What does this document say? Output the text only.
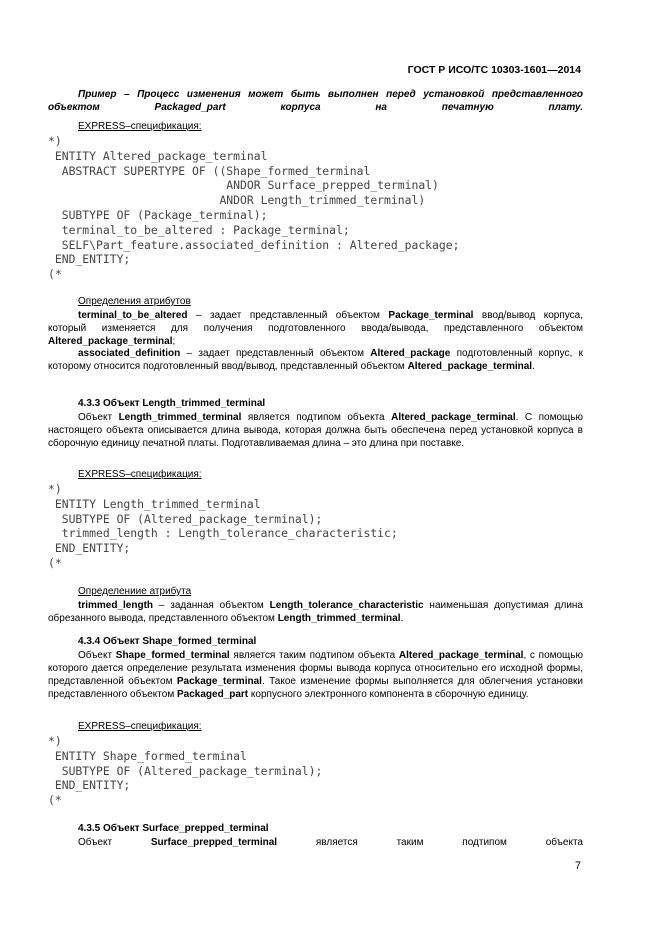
ГОСТ Р ИСО/ТС 10303-1601—2014
Пример – Процесс изменения может быть выполнен перед установкой представленного объектом Packaged_part корпуса на печатную плату.
EXPRESS–спецификация:
*)
ENTITY Altered_package_terminal
ABSTRACT SUPERTYPE OF ((Shape_formed_terminal
ANDOR Surface_prepped_terminal)
ANDOR Length_trimmed_terminal)
SUBTYPE OF (Package_terminal);
terminal_to_be_altered : Package_terminal;
SELF\Part_feature.associated_definition : Altered_package;
END_ENTITY;
(*
Определения атрибутов
terminal_to_be_altered – задает представленный объектом Package_terminal ввод/вывод корпуса, который изменяется для получения подготовленного ввода/вывода, представленного объектом Altered_package_terminal;
associated_definition – задает представленный объектом Altered_package подготовленный корпус, к которому относится подготовленный ввод/вывод, представленный объектом Altered_package_terminal.
4.3.3 Объект Length_trimmed_terminal
Объект Length_trimmed_terminal является подтипом объекта Altered_package_terminal. С помощью настоящего объекта описывается длина вывода, которая должна быть обеспечена перед установкой корпуса в сборочную единицу печатной платы. Подготавливаемая длина – это длина при поставке.
EXPRESS–спецификация:
*)
ENTITY Length_trimmed_terminal
SUBTYPE OF (Altered_package_terminal);
trimmed_length : Length_tolerance_characteristic;
END_ENTITY;
(*
Определениие атрибута
trimmed_length – заданная объектом Length_tolerance_characteristic наименьшая допустимая длина обрезанного вывода, представленного объектом Length_trimmed_terminal.
4.3.4 Объект Shape_formed_terminal
Объект Shape_formed_terminal является таким подтипом объекта Altered_package_terminal, с помощью которого дается определение результата изменения формы вывода корпуса относительно его исходной формы, представленной объектом Package_terminal. Такое изменение формы выполняется для облегчения установки представленного объектом Packaged_part корпусного электронного компонента в сборочную единицу.
EXPRESS–спецификация:
*)
ENTITY Shape_formed_terminal
SUBTYPE OF (Altered_package_terminal);
END_ENTITY;
(*
4.3.5 Объект Surface_prepped_terminal
Объект Surface_prepped_terminal является таким подтипом объекта
7
